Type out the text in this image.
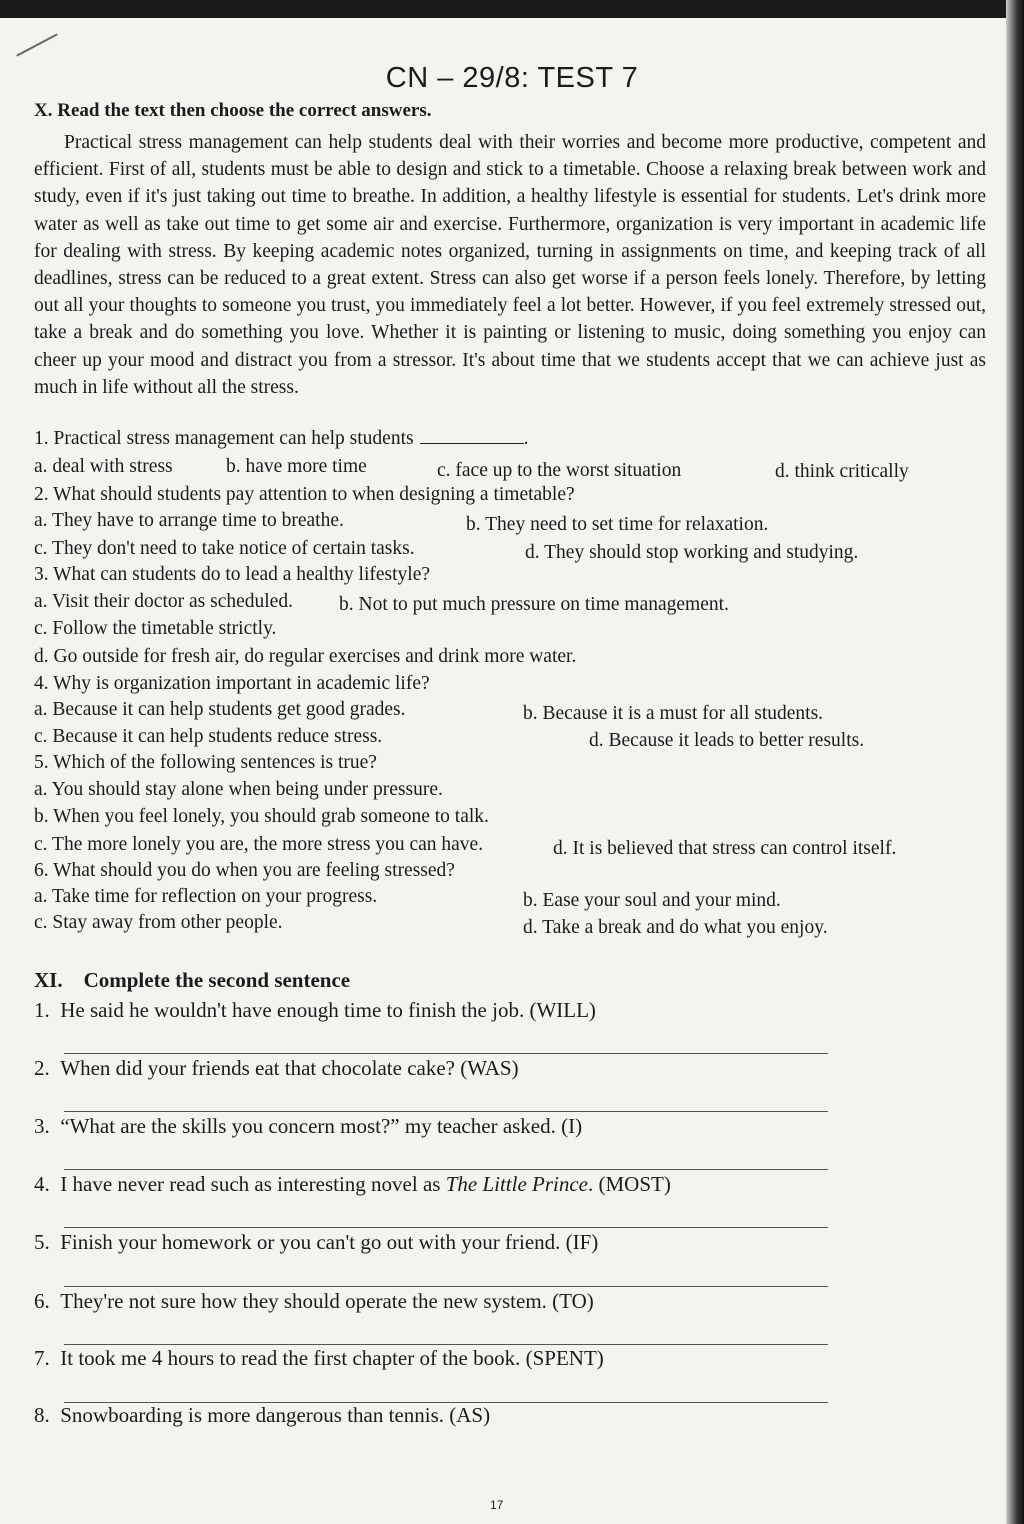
CN – 29/8: TEST 7
X. Read the text then choose the correct answers.

Practical stress management can help students deal with their worries and become more productive, competent and efficient. First of all, students must be able to design and stick to a timetable. Choose a relaxing break between work and study, even if it's just taking out time to breathe. In addition, a healthy lifestyle is essential for students. Let's drink more water as well as take out time to get some air and exercise. Furthermore, organization is very important in academic life for dealing with stress. By keeping academic notes organized, turning in assignments on time, and keeping track of all deadlines, stress can be reduced to a great extent. Stress can also get worse if a person feels lonely. Therefore, by letting out all your thoughts to someone you trust, you immediately feel a lot better. However, if you feel extremely stressed out, take a break and do something you love. Whether it is painting or listening to music, doing something you enjoy can cheer up your mood and distract you from a stressor. It's about time that we students accept that we can achieve just as much in life without all the stress.

1. Practical stress management can help students	.
a. deal with stress	b. have more time	c. face up to the worst situation	d. think critically
2. What should students pay attention to when designing a timetable?
a. They have to arrange time to breathe.	b. They need to set time for relaxation.
c. They don't need to take notice of certain tasks.	d. They should stop working and studying.
3. What can students do to lead a healthy lifestyle?
a. Visit their doctor as scheduled. b. Not to put much pressure on time management.
c. Follow the timetable strictly.
d. Go outside for fresh air, do regular exercises and drink more water.
4. Why is organization important in academic life?
a. Because it can help students get good grades.	b. Because it is a must for all students.
c. Because it can help students reduce stress.	d. Because it leads to better results.
5. Which of the following sentences is true?
a. You should stay alone when being under pressure.
b. When you feel lonely, you should grab someone to talk.
c. The more lonely you are, the more stress you can have.	d. It is believed that stress can control itself.
6. What should you do when you are feeling stressed?
a. Take time for reflection on your progress.	b. Ease your soul and your mind.
c. Stay away from other people.	d. Take a break and do what you enjoy.
XI. Complete the second sentence
1. He said he wouldn't have enough time to finish the job. (WILL)
2. When did your friends eat that chocolate cake? (WAS)
3. “What are the skills you concern most?” my teacher asked. (I)
4. I have never read such as interesting novel as The Little Prince. (MOST)
5. Finish your homework or you can't go out with your friend. (IF)
6. They're not sure how they should operate the new system. (TO)
7. It took me 4 hours to read the first chapter of the book. (SPENT)
8. Snowboarding is more dangerous than tennis. (AS)
17
